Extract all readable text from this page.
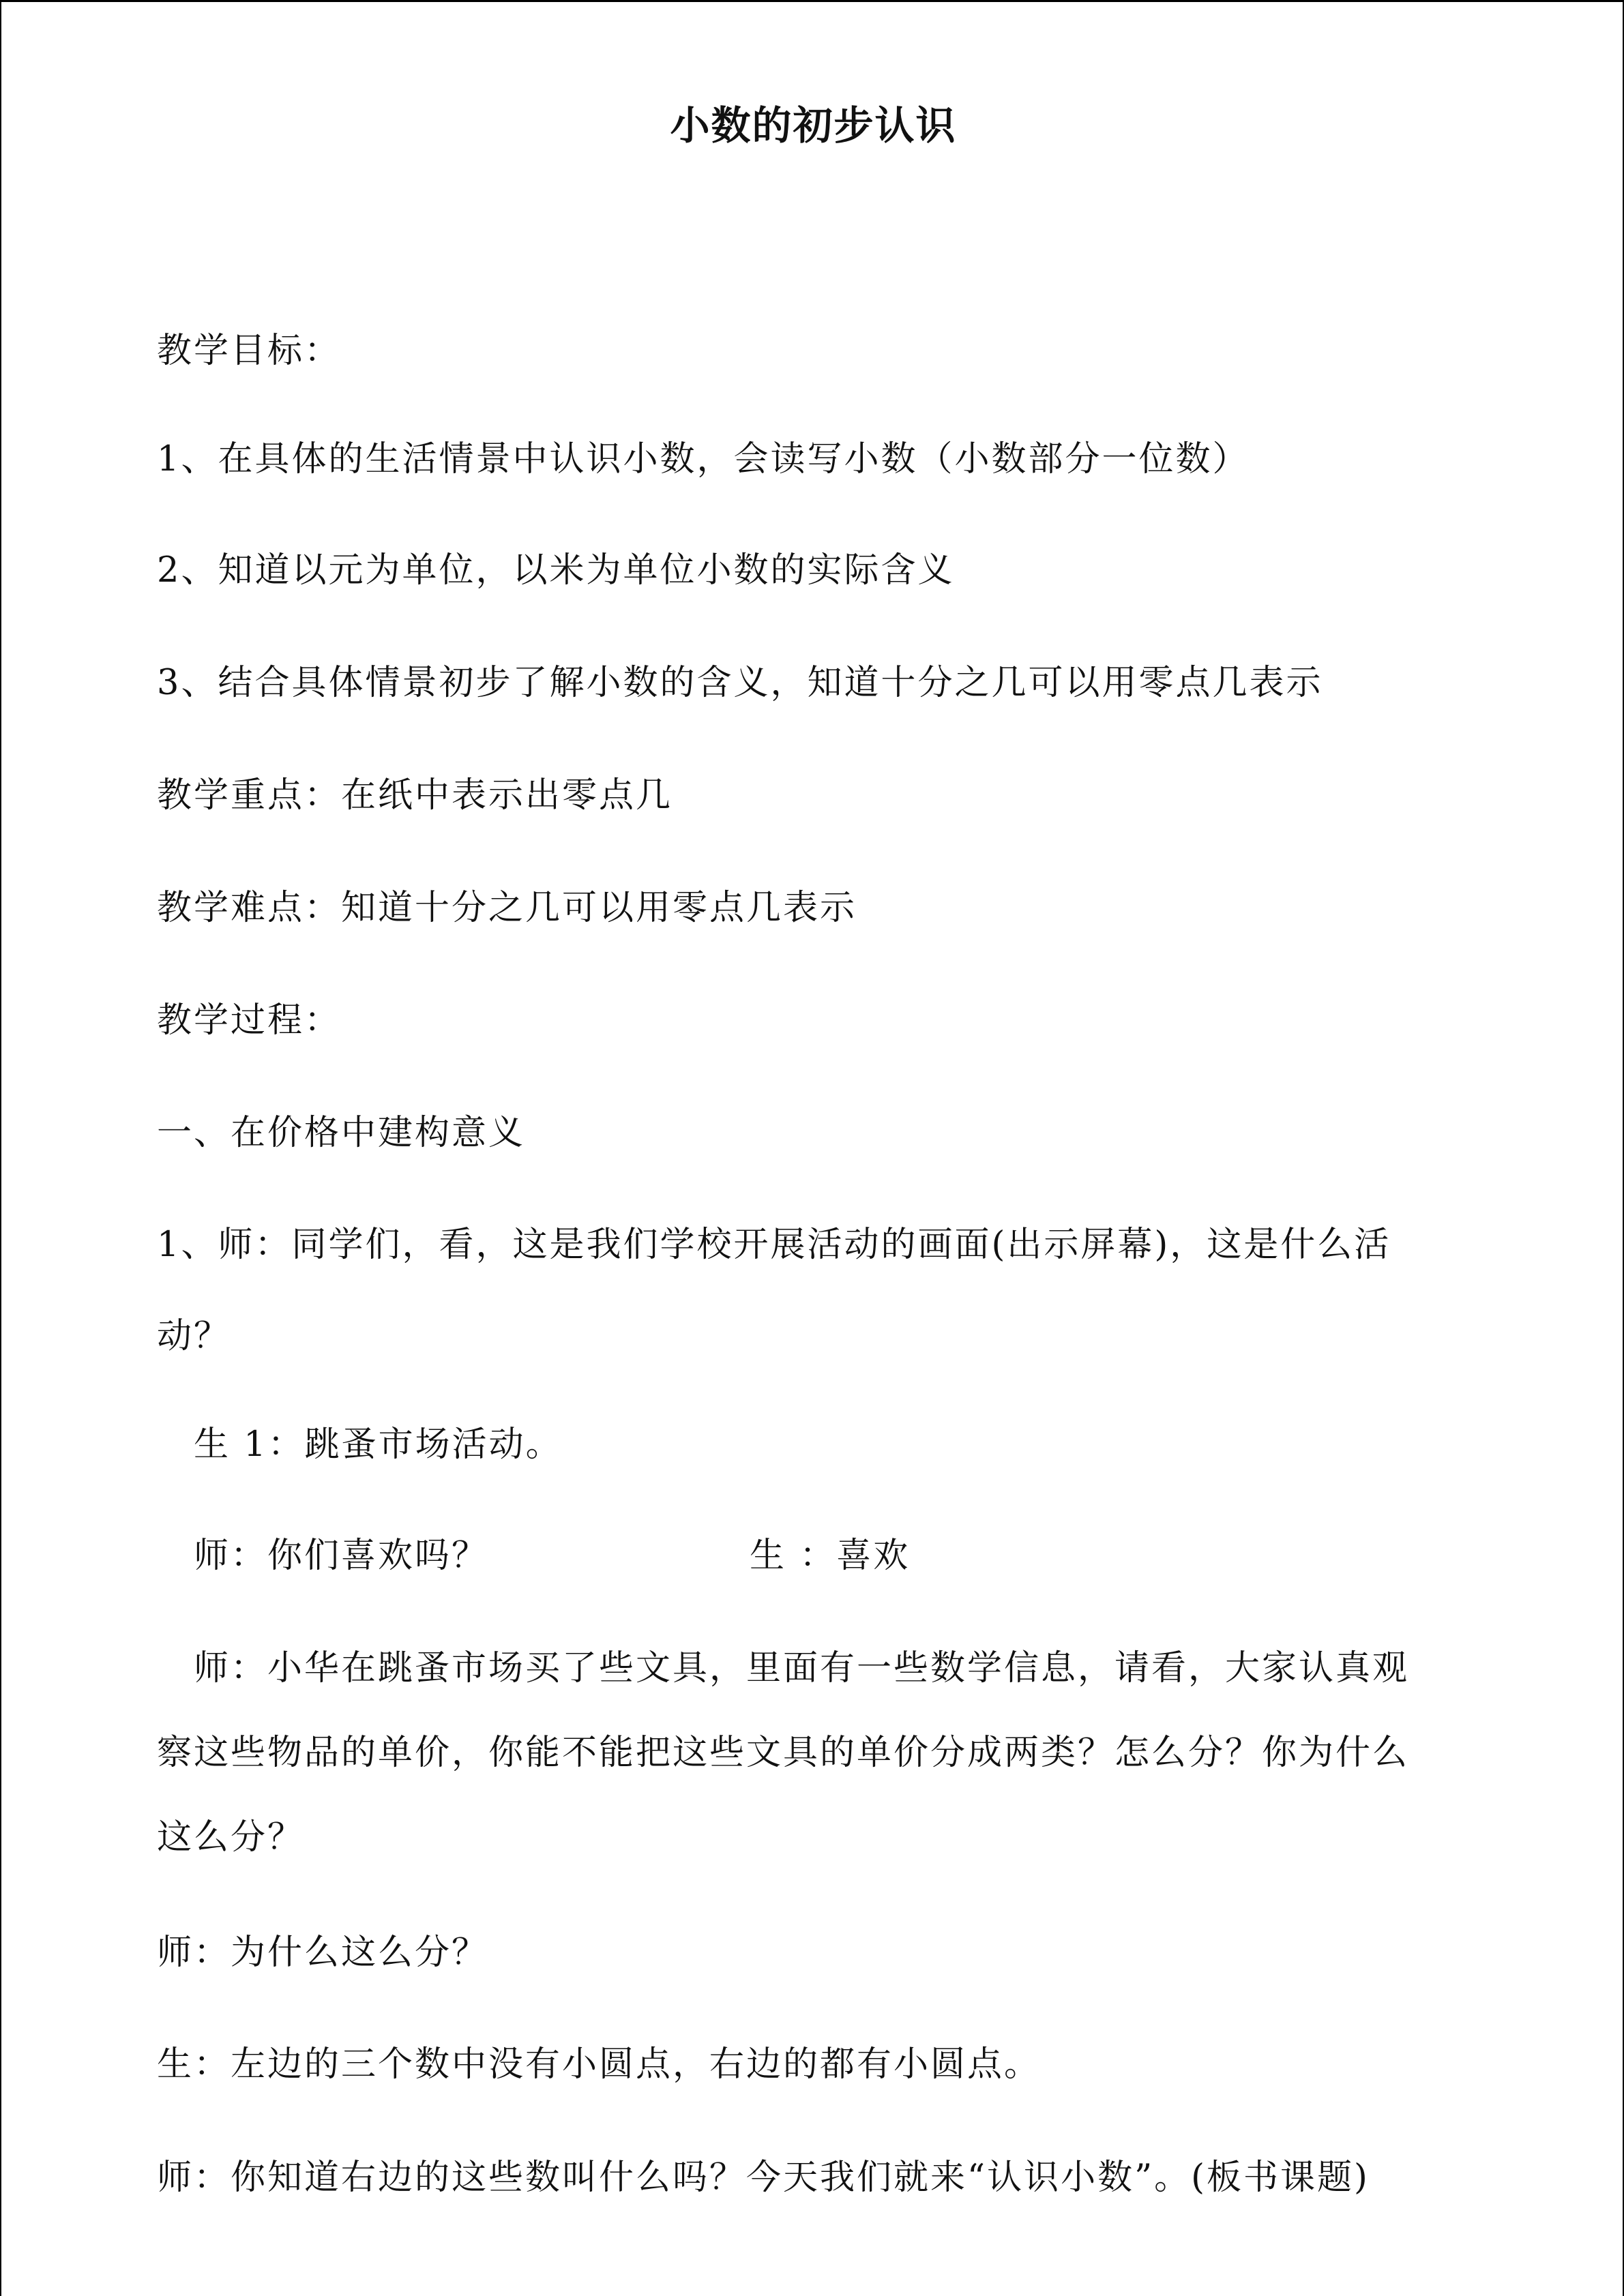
小数的初步认识
教学目标：
1、在具体的生活情景中认识小数，会读写小数（小数部分一位数）
2、知道以元为单位，以米为单位小数的实际含义
3、结合具体情景初步了解小数的含义，知道十分之几可以用零点几表示
教学重点：在纸中表示出零点几
教学难点：知道十分之几可以用零点几表示
教学过程：
一、在价格中建构意义
1、师：同学们，看，这是我们学校开展活动的画面(出示屏幕)，这是什么活
动？
生 1：跳蚤市场活动。
师：你们喜欢吗？	生 ：喜欢
师：小华在跳蚤市场买了些文具，里面有一些数学信息，请看，大家认真观
察这些物品的单价，你能不能把这些文具的单价分成两类？怎么分？你为什么
这么分？
师：为什么这么分？
生：左边的三个数中没有小圆点，右边的都有小圆点。
师：你知道右边的这些数叫什么吗？今天我们就来“认识小数”。(板书课题)
